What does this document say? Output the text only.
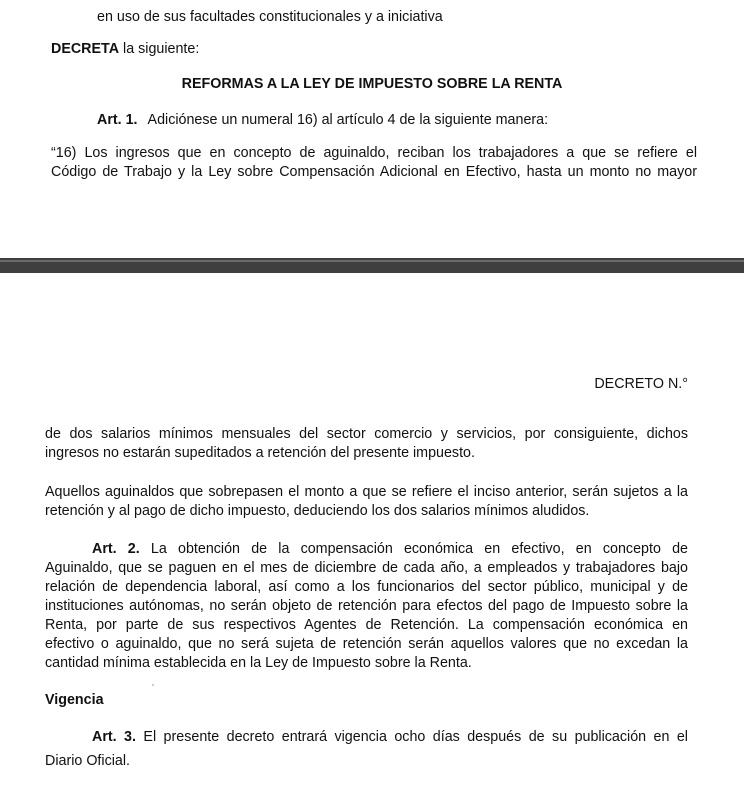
en uso de sus facultades constitucionales y a iniciativa
DECRETA la siguiente:
REFORMAS A LA LEY DE IMPUESTO SOBRE LA RENTA
Art. 1. Adiciónese un numeral 16) al artículo 4 de la siguiente manera:
“16) Los ingresos que en concepto de aguinaldo, reciban los trabajadores a que se refiere el
Código de Trabajo y la Ley sobre Compensación Adicional en Efectivo, hasta un monto no mayor
DECRETO N.°
de dos salarios mínimos mensuales del sector comercio y servicios, por consiguiente, dichos
ingresos no estarán supeditados a retención del presente impuesto.
Aquellos aguinaldos que sobrepasen el monto a que se refiere el inciso anterior, serán sujetos a la
retención y al pago de dicho impuesto, deduciendo los dos salarios mínimos aludidos.
Art. 2. La obtención de la compensación económica en efectivo, en concepto de
Aguinaldo, que se paguen en el mes de diciembre de cada año, a empleados y trabajadores bajo
relación de dependencia laboral, así como a los funcionarios del sector público, municipal y de
instituciones autónomas, no serán objeto de retención para efectos del pago de Impuesto sobre la
Renta, por parte de sus respectivos Agentes de Retención. La compensación económica en
efectivo o aguinaldo, que no será sujeta de retención serán aquellos valores que no excedan la
cantidad mínima establecida en la Ley de Impuesto sobre la Renta.
Vigencia
Art. 3. El presente decreto entrará vigencia ocho días después de su publicación en el
Diario Oficial.
